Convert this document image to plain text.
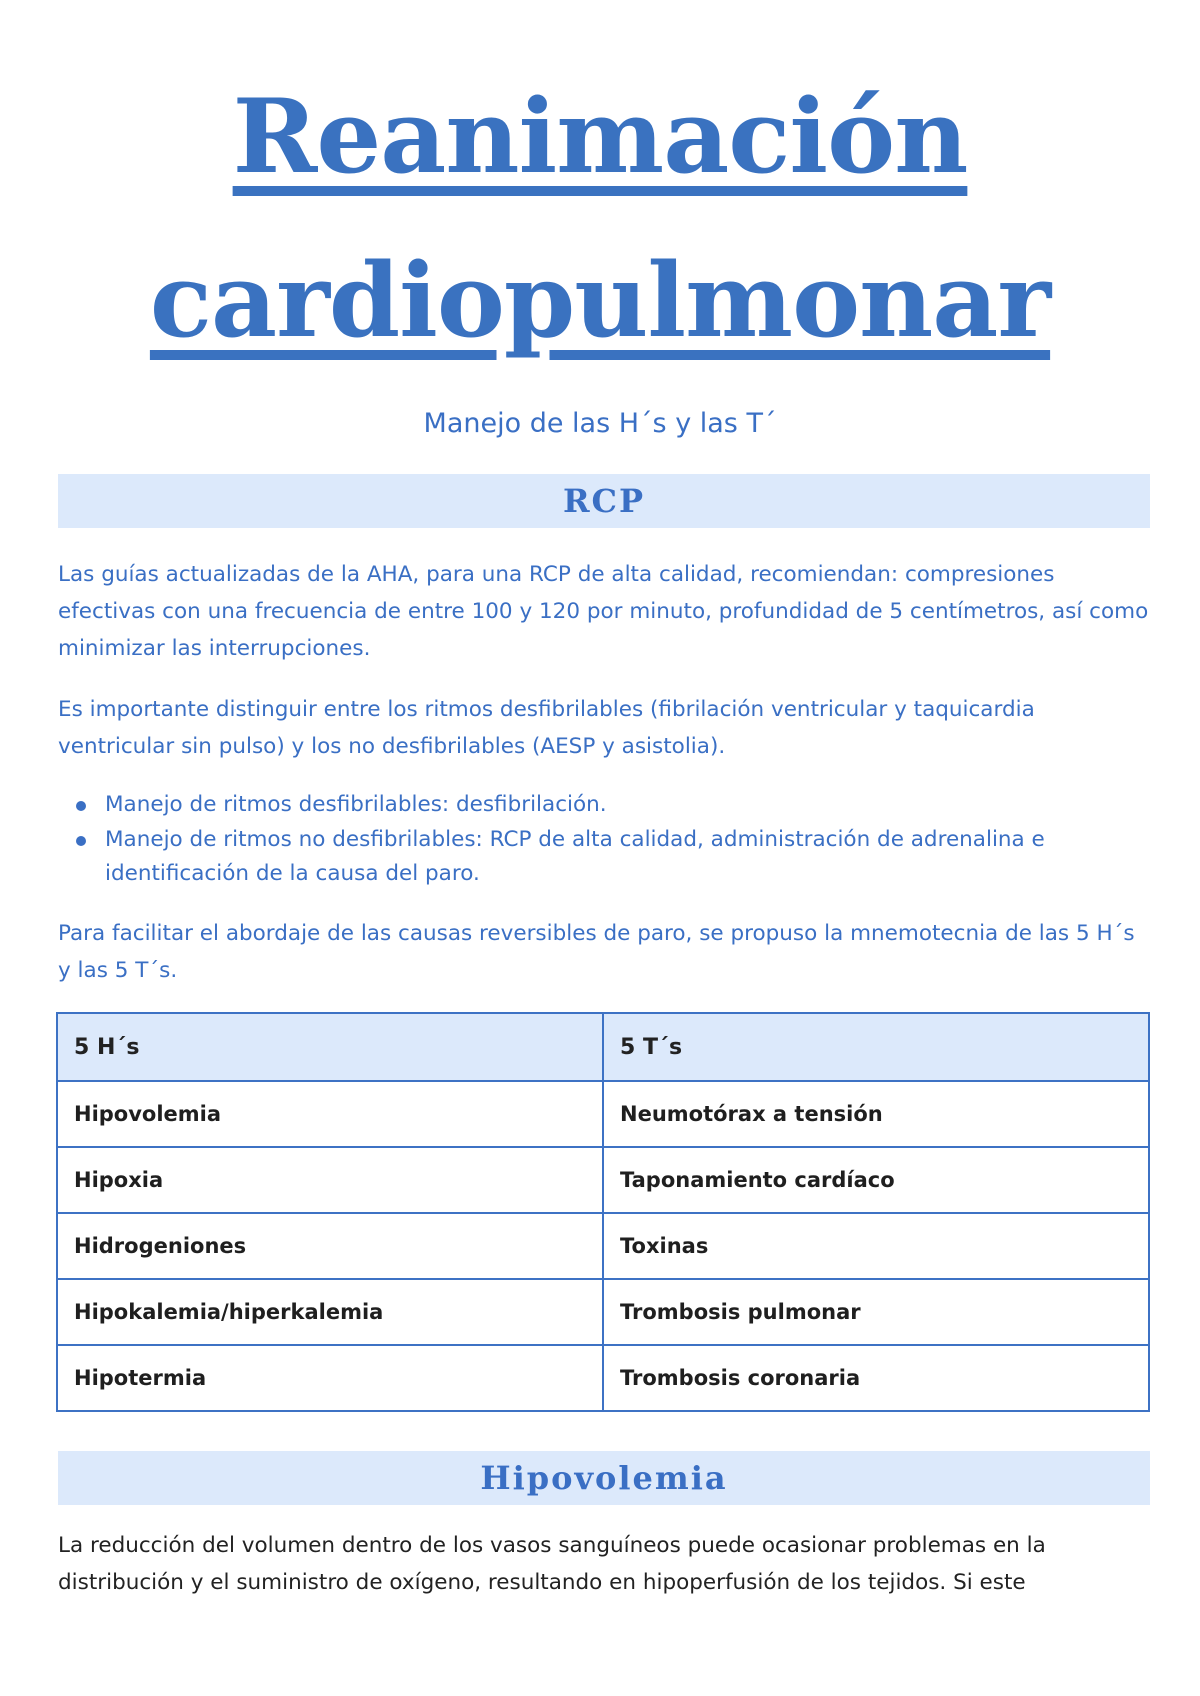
Reanimación
cardiopulmonar

Manejo de las H´s y las T´

RCP

Las guías actualizadas de la AHA, para una RCP de alta calidad, recomiendan: compresiones efectivas con una frecuencia de entre 100 y 120 por minuto, profundidad de 5 centímetros, así como minimizar las interrupciones.

Es importante distinguir entre los ritmos desfibrilables (fibrilación ventricular y taquicardia ventricular sin pulso) y los no desfibrilables (AESP y asistolia).

Manejo de ritmos desfibrilables: desfibrilación.
Manejo de ritmos no desfibrilables: RCP de alta calidad, administración de adrenalina e identificación de la causa del paro.

Para facilitar el abordaje de las causas reversibles de paro, se propuso la mnemotecnia de las 5 H´s y las 5 T´s.

5 H´s	5 T´s
Hipovolemia	Neumotórax a tensión
Hipoxia	Taponamiento cardíaco
Hidrogeniones	Toxinas
Hipokalemia/hiperkalemia	Trombosis pulmonar
Hipotermia	Trombosis coronaria
Hipovolemia

La reducción del volumen dentro de los vasos sanguíneos puede ocasionar problemas en la distribución y el suministro de oxígeno, resultando en hipoperfusión de los tejidos. Si este
